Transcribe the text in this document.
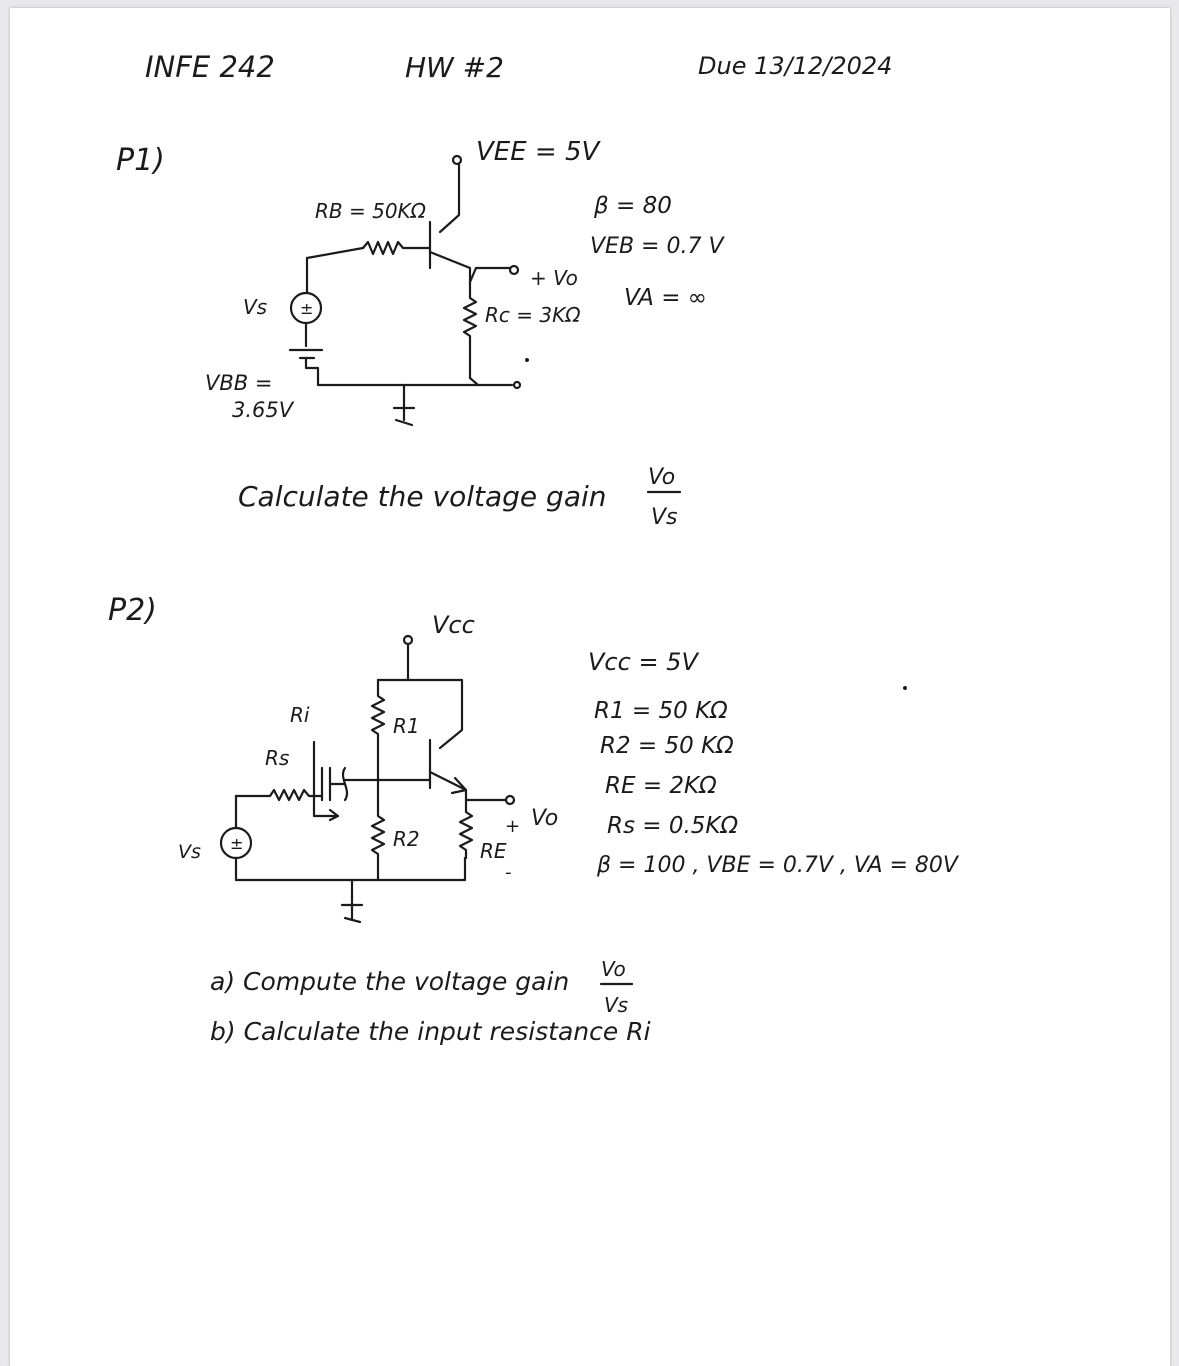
INFE 242	HW #2	Due 13/12/2024
P1)
±
VEE = 5V
RB = 50KΩ	β = 80
VEB = 0.7 V
+ Vo
Rc = 3KΩ
VA = ∞
Vs
VBB =
3.65V
Calculate the voltage gain
Vo
Vs
P2)
±
Vcc
Ri
Rs
R1
R2	RE
+
-
Vo
Vs
Vcc = 5V
R1 = 50 KΩ
R2 = 50 KΩ
RE = 2KΩ
Rs = 0.5KΩ
β = 100 , VBE = 0.7V , VA = 80V
a) Compute the voltage gain Vo
Vs
b) Calculate the input resistance Ri
